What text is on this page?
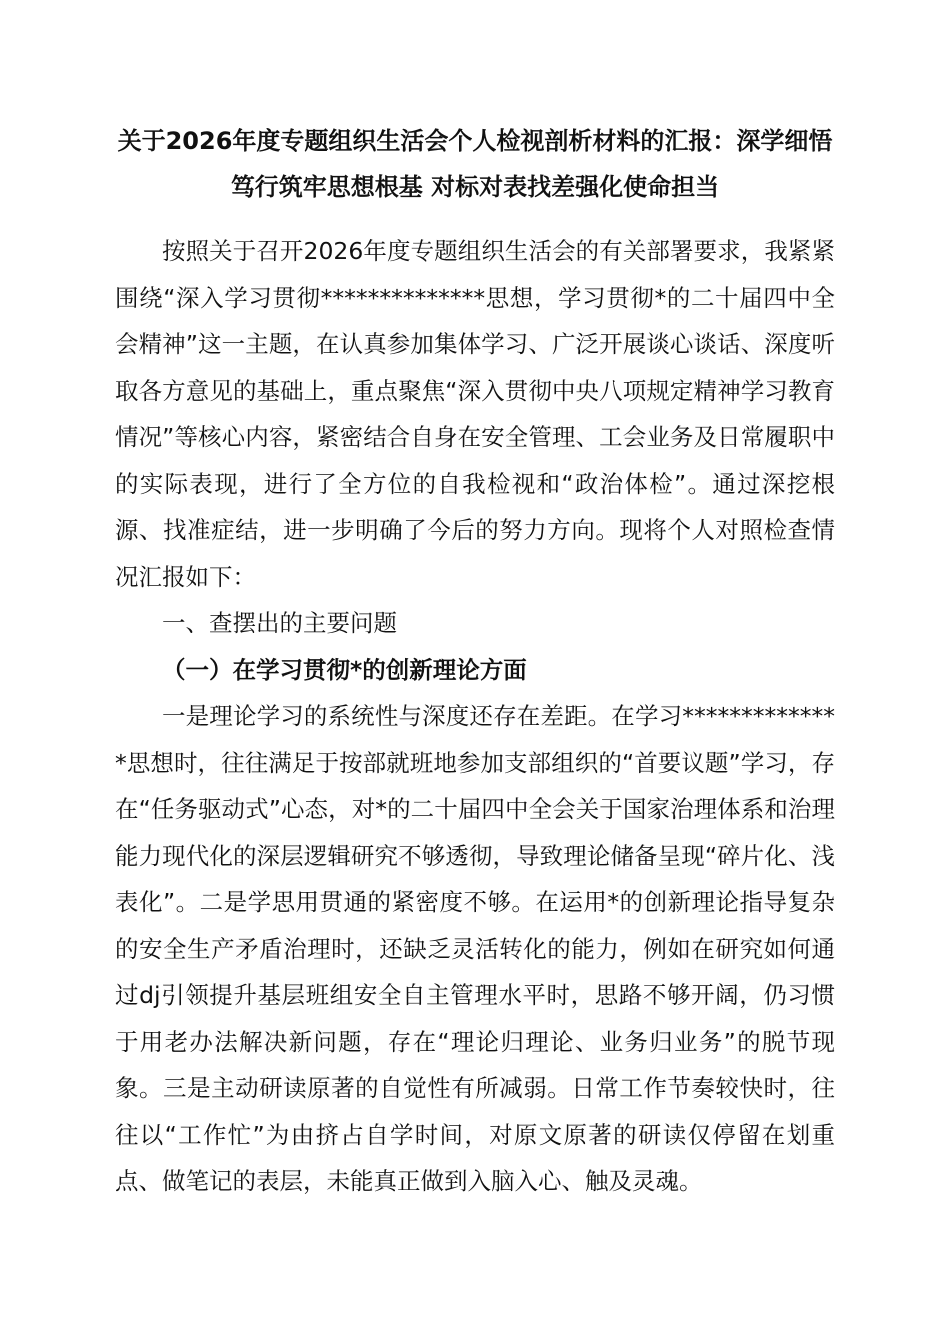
关于2026年度专题组织生活会个人检视剖析材料的汇报：深学细悟笃行筑牢思想根基 对标对表找差强化使命担当

按照关于召开2026年度专题组织生活会的有关部署要求，我紧紧围绕“深入学习贯彻**************思想，学习贯彻*的二十届四中全会精神”这一主题，在认真参加集体学习、广泛开展谈心谈话、深度听取各方意见的基础上，重点聚焦“深入贯彻中央八项规定精神学习教育情况”等核心内容，紧密结合自身在安全管理、工会业务及日常履职中的实际表现，进行了全方位的自我检视和“政治体检”。通过深挖根源、找准症结，进一步明确了今后的努力方向。现将个人对照检查情况汇报如下：

一、查摆出的主要问题

（一）在学习贯彻*的创新理论方面

一是理论学习的系统性与深度还存在差距。在学习**************思想时，往往满足于按部就班地参加支部组织的“首要议题”学习，存在“任务驱动式”心态，对*的二十届四中全会关于国家治理体系和治理能力现代化的深层逻辑研究不够透彻，导致理论储备呈现“碎片化、浅表化”。二是学思用贯通的紧密度不够。在运用*的创新理论指导复杂的安全生产矛盾治理时，还缺乏灵活转化的能力，例如在研究如何通过dj引领提升基层班组安全自主管理水平时，思路不够开阔，仍习惯于用老办法解决新问题，存在“理论归理论、业务归业务”的脱节现象。三是主动研读原著的自觉性有所减弱。日常工作节奏较快时，往往以“工作忙”为由挤占自学时间，对原文原著的研读仅停留在划重点、做笔记的表层，未能真正做到入脑入心、触及灵魂。
